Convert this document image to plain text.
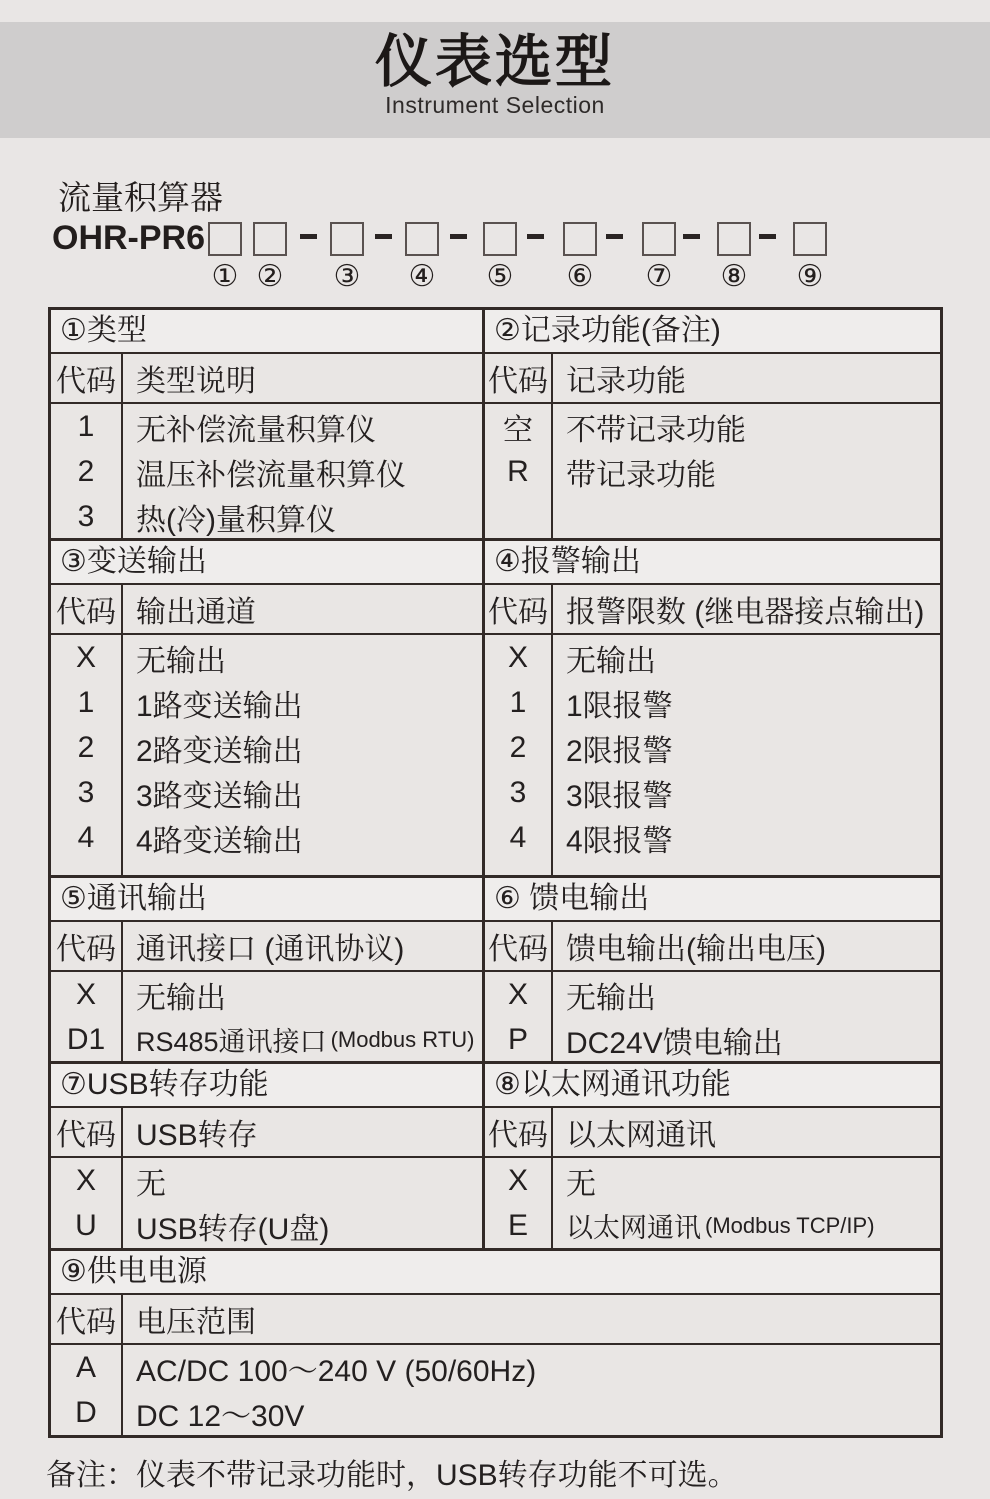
仪表选型
Instrument Selection
流量积算器
OHR-PR6
① ② ③ ④ ⑤ ⑥ ⑦ ⑧ ⑨
①类型
代码
1
2
3
类型说明
无补偿流量积算仪
温压补偿流量积算仪
热(冷)量积算仪
②记录功能(备注)
代码
空
R
记录功能
不带记录功能
带记录功能
③变送输出
代码
X
1
2
3
4
输出通道
无输出
1路变送输出
2路变送输出
3路变送输出
4路变送输出
④报警输出
代码
X
1
2
3
4
报警限数 (继电器接点输出)
无输出
1限报警
2限报警
3限报警
4限报警
⑤通讯输出
代码
X
D1
通讯接口 (通讯协议)
无输出
RS485通讯接口 (Modbus RTU)
⑥ 馈电输出
代码
X
P
馈电输出(输出电压)
无输出
DC24V馈电输出
⑦USB转存功能
代码
X
U
USB转存
无
USB转存(U盘)
⑧以太网通讯功能
代码
X
E
以太网通讯
无
以太网通讯 (Modbus TCP/IP)
⑨供电电源
代码
A
D
电压范围
AC/DC 100～240 V (50/60Hz)
DC 12～30V
备注：仪表不带记录功能时，USB转存功能不可选。
